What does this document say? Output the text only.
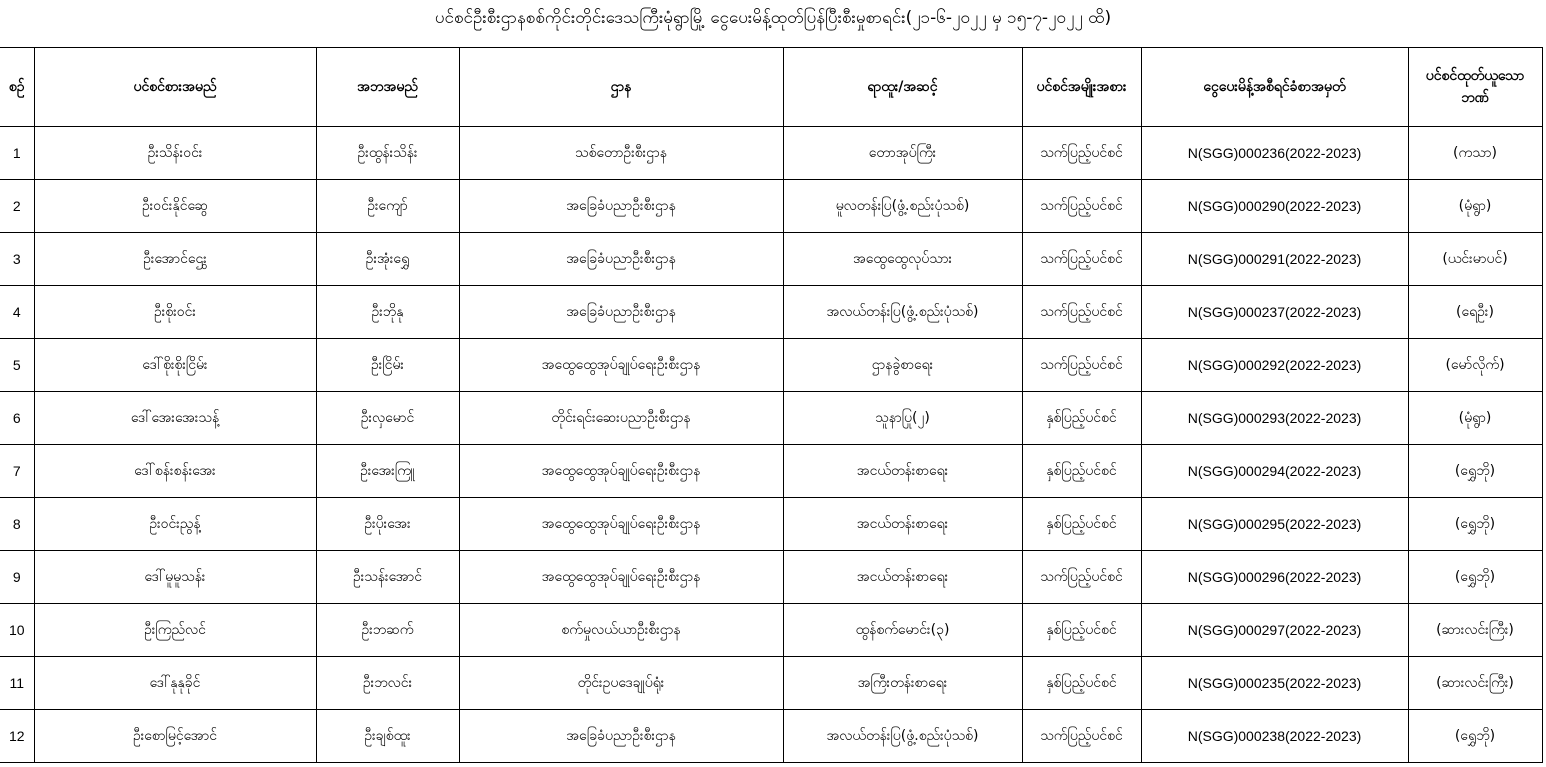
ပင်စင်ဦးစီးဌာနစစ်ကိုင်းတိုင်းဒေသကြီးမုံရွာမြို့ ငွေပေးမိန့်ထုတ်ပြန်ပြီးစီးမှုစာရင်း(၂၁-၆-၂၀၂၂ မှ ၁၅-၇-၂၀၂၂ ထိ)
စဉ်	ပင်စင်စားအမည်	အဘအမည်	ဌာန	ရာထူး/အဆင့်	ပင်စင်အမျိုးအစား	ငွေပေးမိန့်အစီရင်ခံစာအမှတ်	ပင်စင်ထုတ်ယူသောဘဏ်
1	ဦးသိန်းဝင်း	ဦးထွန်းသိန်း	သစ်တောဦးစီးဌာန	တောအုပ်ကြီး	သက်ပြည့်ပင်စင်	N(SGG)000236(2022-2023)	(ကသာ)
2	ဦးဝင်းနိုင်ဆွေ	ဦးကျော်	အခြေခံပညာဦးစီးဌာန	မူလတန်းပြ(ဖွံ့.စည်းပုံသစ်)	သက်ပြည့်ပင်စင်	N(SGG)000290(2022-2023)	(မုံရွာ)
3	ဦးအောင်ဌွေး	ဦးအုံးရွှေ	အခြေခံပညာဦးစီးဌာန	အထွေထွေလုပ်သား	သက်ပြည့်ပင်စင်	N(SGG)000291(2022-2023)	(ယင်းမာပင်)
4	ဦးစိုးဝင်း	ဦးဘိုနု	အခြေခံပညာဦးစီးဌာန	အလယ်တန်းပြ(ဖွံ့.စည်းပုံသစ်)	သက်ပြည့်ပင်စင်	N(SGG)000237(2022-2023)	(ရေဦး)
5	ဒေါ်စိုးစိုးငြိမ်း	ဦးငြိမ်း	အထွေထွေအုပ်ချုပ်ရေးဦးစီးဌာန	ဌာနခွဲစာရေး	သက်ပြည့်ပင်စင်	N(SGG)000292(2022-2023)	(မော်လိုက်)
6	ဒေါ်အေးအေးသန့်	ဦးလှမောင်	တိုင်းရင်းဆေးပညာဦးစီးဌာန	သူနာပြု(၂)	နှစ်ပြည့်ပင်စင်	N(SGG)000293(2022-2023)	(မုံရွာ)
7	ဒေါ်စန်းစန်းအေး	ဦးအေးကြူ	အထွေထွေအုပ်ချုပ်ရေးဦးစီးဌာန	အငယ်တန်းစာရေး	နှစ်ပြည့်ပင်စင်	N(SGG)000294(2022-2023)	(ရွှေဘို)
8	ဦးဝင်းညွန့်	ဦးပိုးအေး	အထွေထွေအုပ်ချုပ်ရေးဦးစီးဌာန	အငယ်တန်းစာရေး	နှစ်ပြည့်ပင်စင်	N(SGG)000295(2022-2023)	(ရွှေဘို)
9	ဒေါ်မူမူသန်း	ဦးသန်းအောင်	အထွေထွေအုပ်ချုပ်ရေးဦးစီးဌာန	အငယ်တန်းစာရေး	သက်ပြည့်ပင်စင်	N(SGG)000296(2022-2023)	(ရွှေဘို)
10	ဦးကြည်လင်	ဦးဘဆက်	စက်မှုလယ်ယာဦးစီးဌာန	ထွန်စက်မောင်း(၃)	နှစ်ပြည့်ပင်စင်	N(SGG)000297(2022-2023)	(ဆားလင်းကြီး)
11	ဒေါ်နုနုခိုင်	ဦးဘလင်း	တိုင်းဥပဒေချုပ်ရုံး	အကြီးတန်းစာရေး	နှစ်ပြည့်ပင်စင်	N(SGG)000235(2022-2023)	(ဆားလင်းကြီး)
12	ဦးစောမြင့်အောင်	ဦးချစ်ထူး	အခြေခံပညာဦးစီးဌာန	အလယ်တန်းပြ(ဖွံ့.စည်းပုံသစ်)	သက်ပြည့်ပင်စင်	N(SGG)000238(2022-2023)	(ရွှေဘို)
